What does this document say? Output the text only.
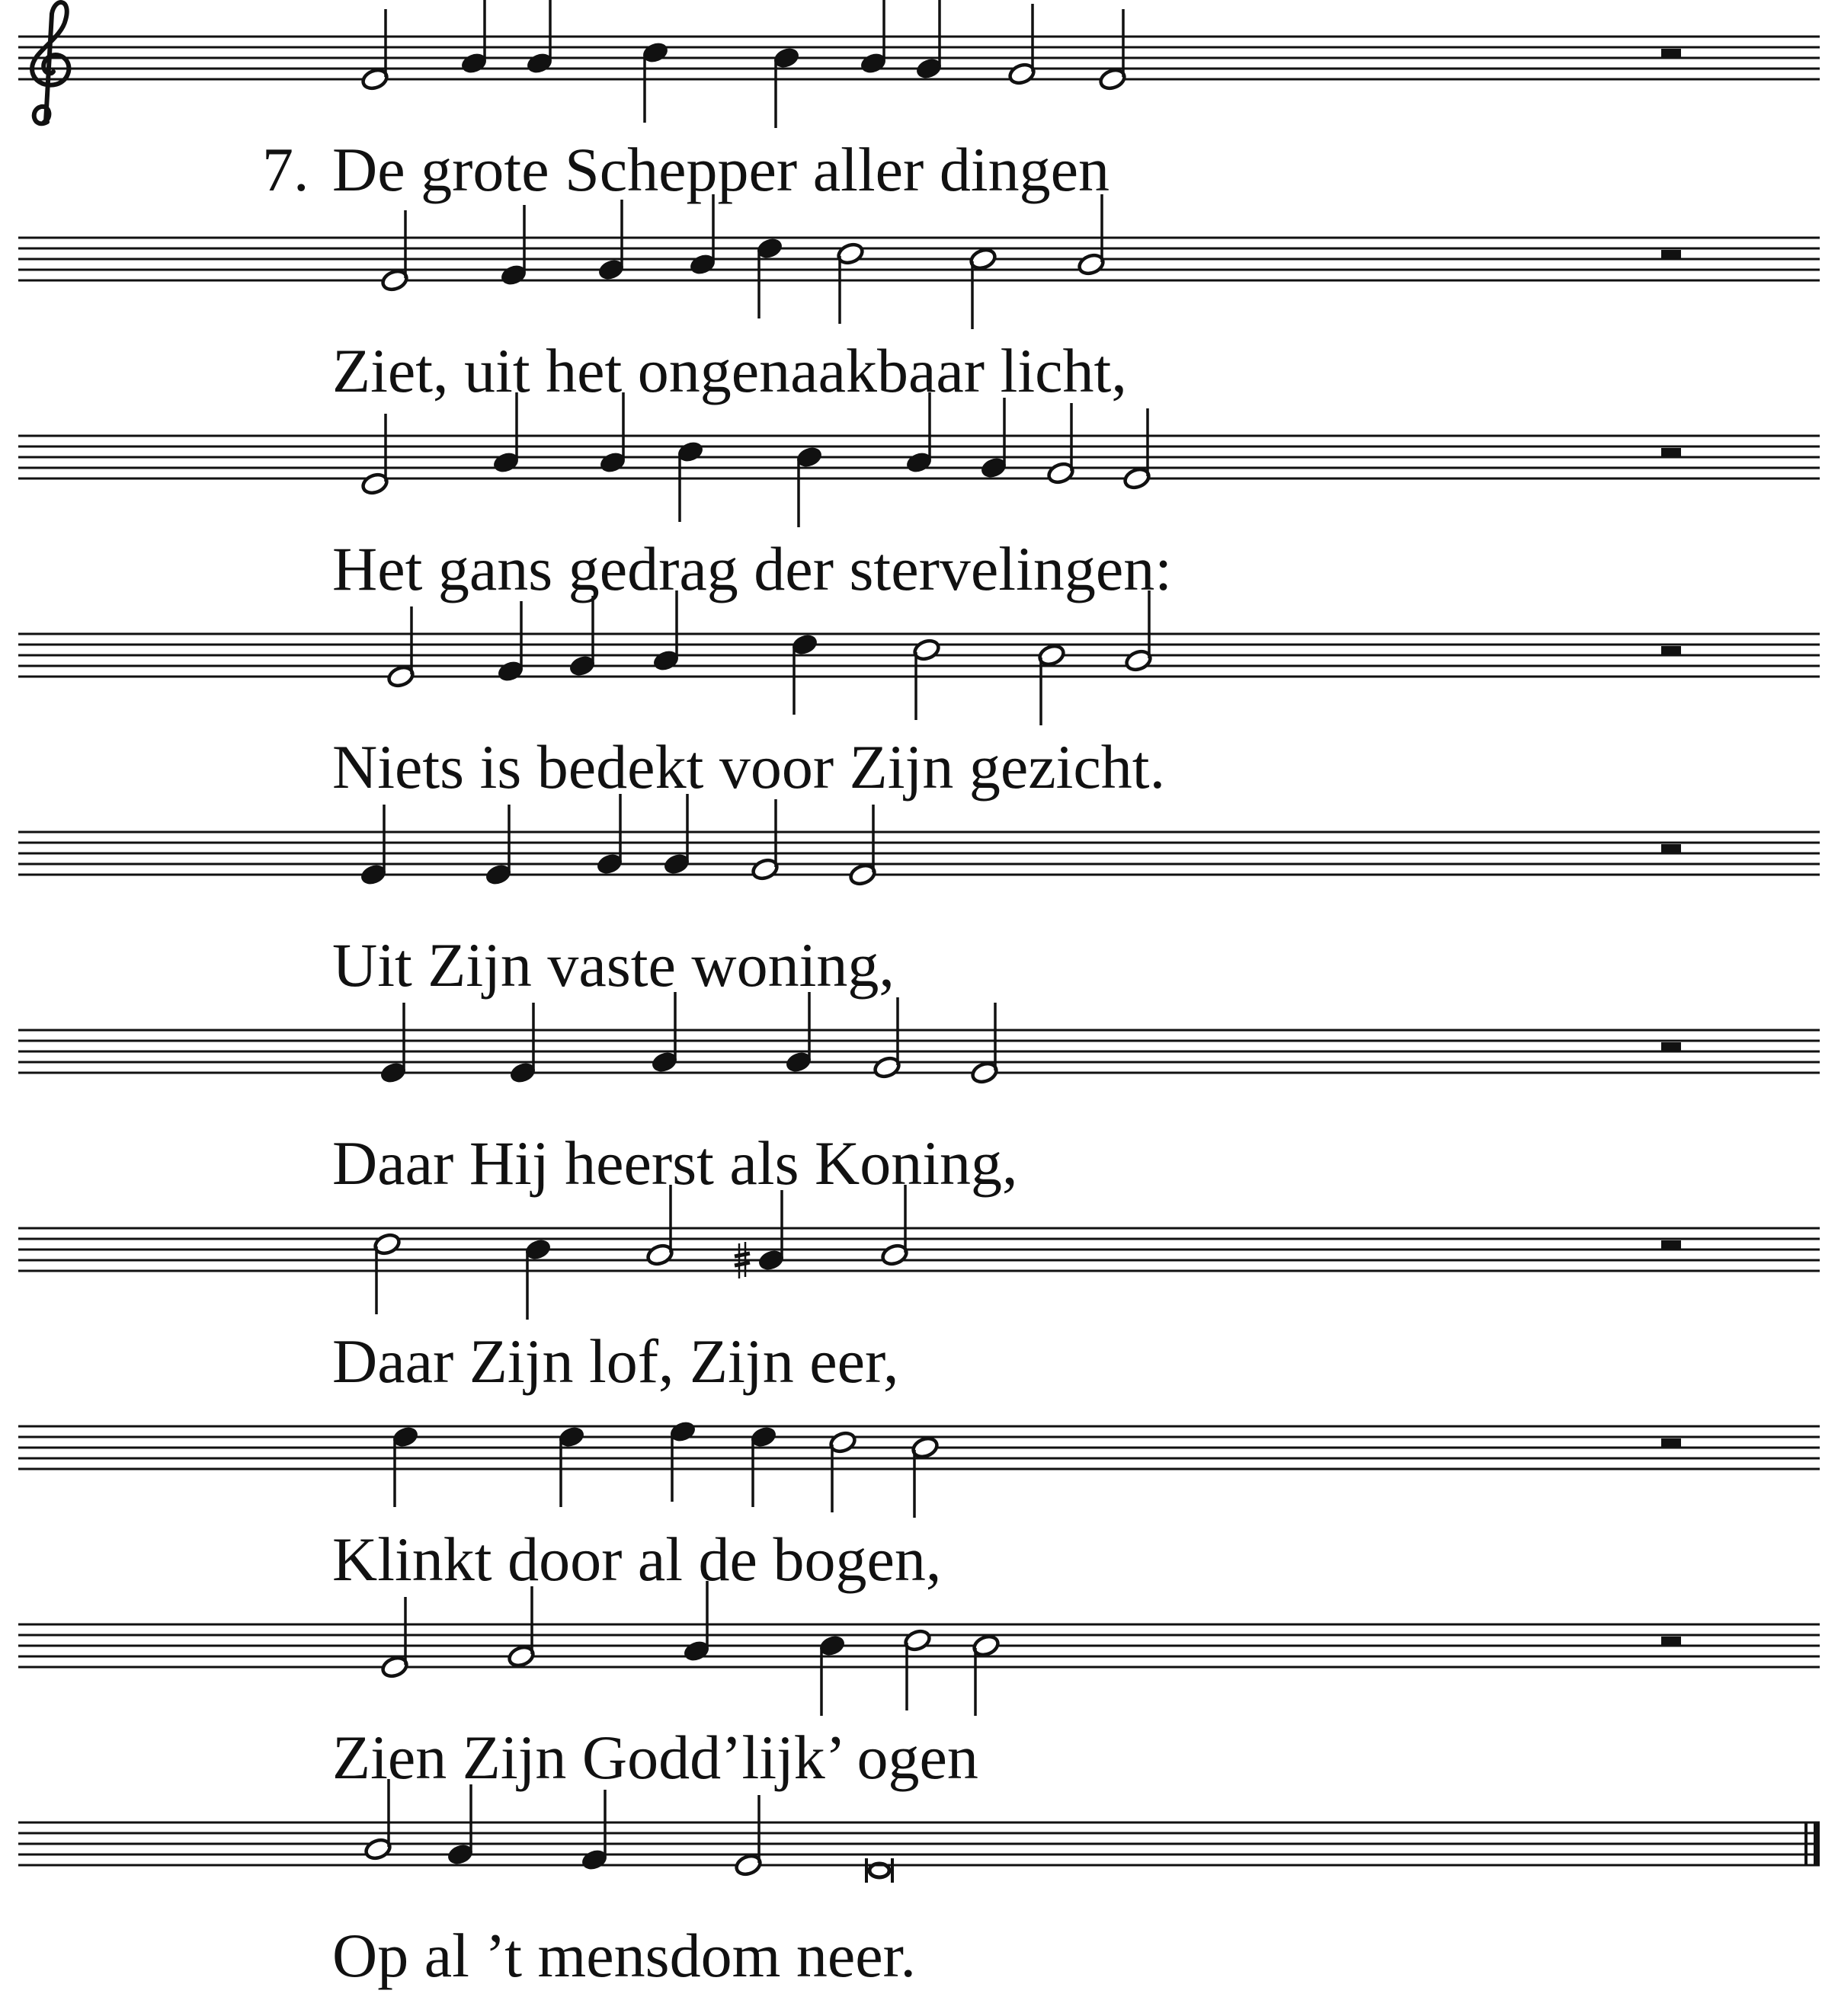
7. De grote Schepper aller dingen
Ziet, uit het ongenaakbaar licht,
Het gans gedrag der stervelingen:
Niets is bedekt voor Zijn gezicht.
Uit Zijn vaste woning,
Daar Hij heerst als Koning,
Daar Zijn lof, Zijn eer,
Klinkt door al de bogen,
Zien Zijn Godd’lijk’ ogen
Op al ’t mensdom neer.
